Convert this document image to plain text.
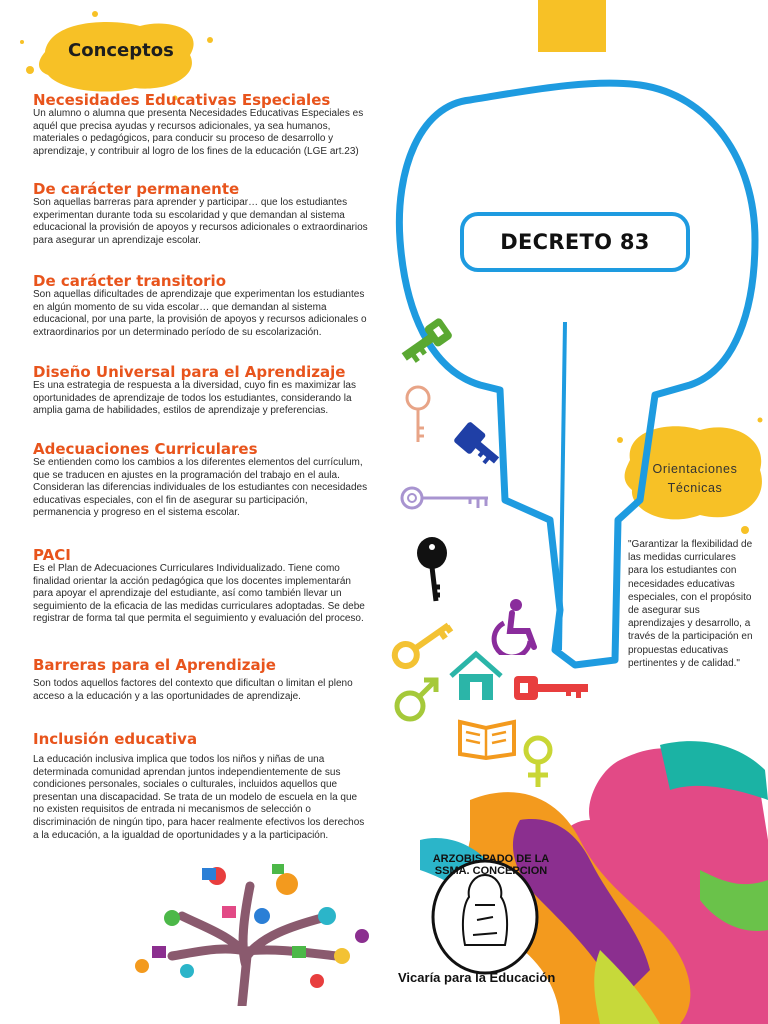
Conceptos
Necesidades Educativas Especiales
Un alumno o alumna que presenta Necesidades Educativas Especiales es aquél que precisa ayudas y recursos adicionales, ya sea humanos, materiales o pedagógicos, para conducir su proceso de desarrollo y aprendizaje, y contribuir al logro de los fines de la educación (LGE art.23)
De carácter permanente
Son aquellas barreras para aprender y participar… que los estudiantes experimentan durante toda su escolaridad y que demandan al sistema educacional la provisión de apoyos y recursos adicionales o extraordinarios para asegurar un aprendizaje escolar.
De carácter transitorio
Son aquellas dificultades de aprendizaje que experimentan los estudiantes en algún momento de su vida escolar… que demandan al sistema educacional, por una parte, la provisión de apoyos y recursos adicionales o extraordinarios por un determinado período de su escolarización.
Diseño Universal para el Aprendizaje
Es una estrategia de respuesta a la diversidad, cuyo fin es maximizar las oportunidades de aprendizaje de todos los estudiantes, considerando la amplia gama de habilidades, estilos de aprendizaje y preferencias.
Adecuaciones Curriculares
Se entienden como los cambios a los diferentes elementos del currículum, que se traducen en ajustes en la programación del trabajo en el aula. Consideran las diferencias individuales de los estudiantes con necesidades educativas especiales, con el fin de asegurar su participación, permanencia y progreso en el sistema escolar.
PACI
Es el Plan de Adecuaciones Curriculares Individualizado. Tiene como finalidad orientar la acción pedagógica que los docentes implementarán para apoyar el aprendizaje del estudiante, así como también llevar un seguimiento de la eficacia de las medidas curriculares adoptadas. Se debe registrar de forma tal que permita el seguimiento y evaluación del proceso.
Barreras para el Aprendizaje
Son todos aquellos factores del contexto que dificultan o limitan el pleno acceso a la educación y a las oportunidades de aprendizaje.
Inclusión educativa
La educación inclusiva implica que todos los niños y niñas de una determinada comunidad aprendan juntos independientemente de sus condiciones personales, sociales o culturales, incluidos aquellos que presentan una discapacidad. Se trata de un modelo de escuela en la que no existen requisitos de entrada ni mecanismos de selección o discriminación de ningún tipo, para hacer realmente efectivos los derechos a la educación, a la igualdad de oportunidades y a la participación.
DECRETO 83
Orientaciones Técnicas
"Garantizar la flexibilidad de las medidas curriculares para los estudiantes con necesidades educativas especiales, con el propósito de asegurar sus aprendizajes y desarrollo, a través de la participación en propuestas educativas pertinentes y de calidad."
ARZOBISPADO DE LA SSMA. CONCEPCION
Vicaría para la Educación
